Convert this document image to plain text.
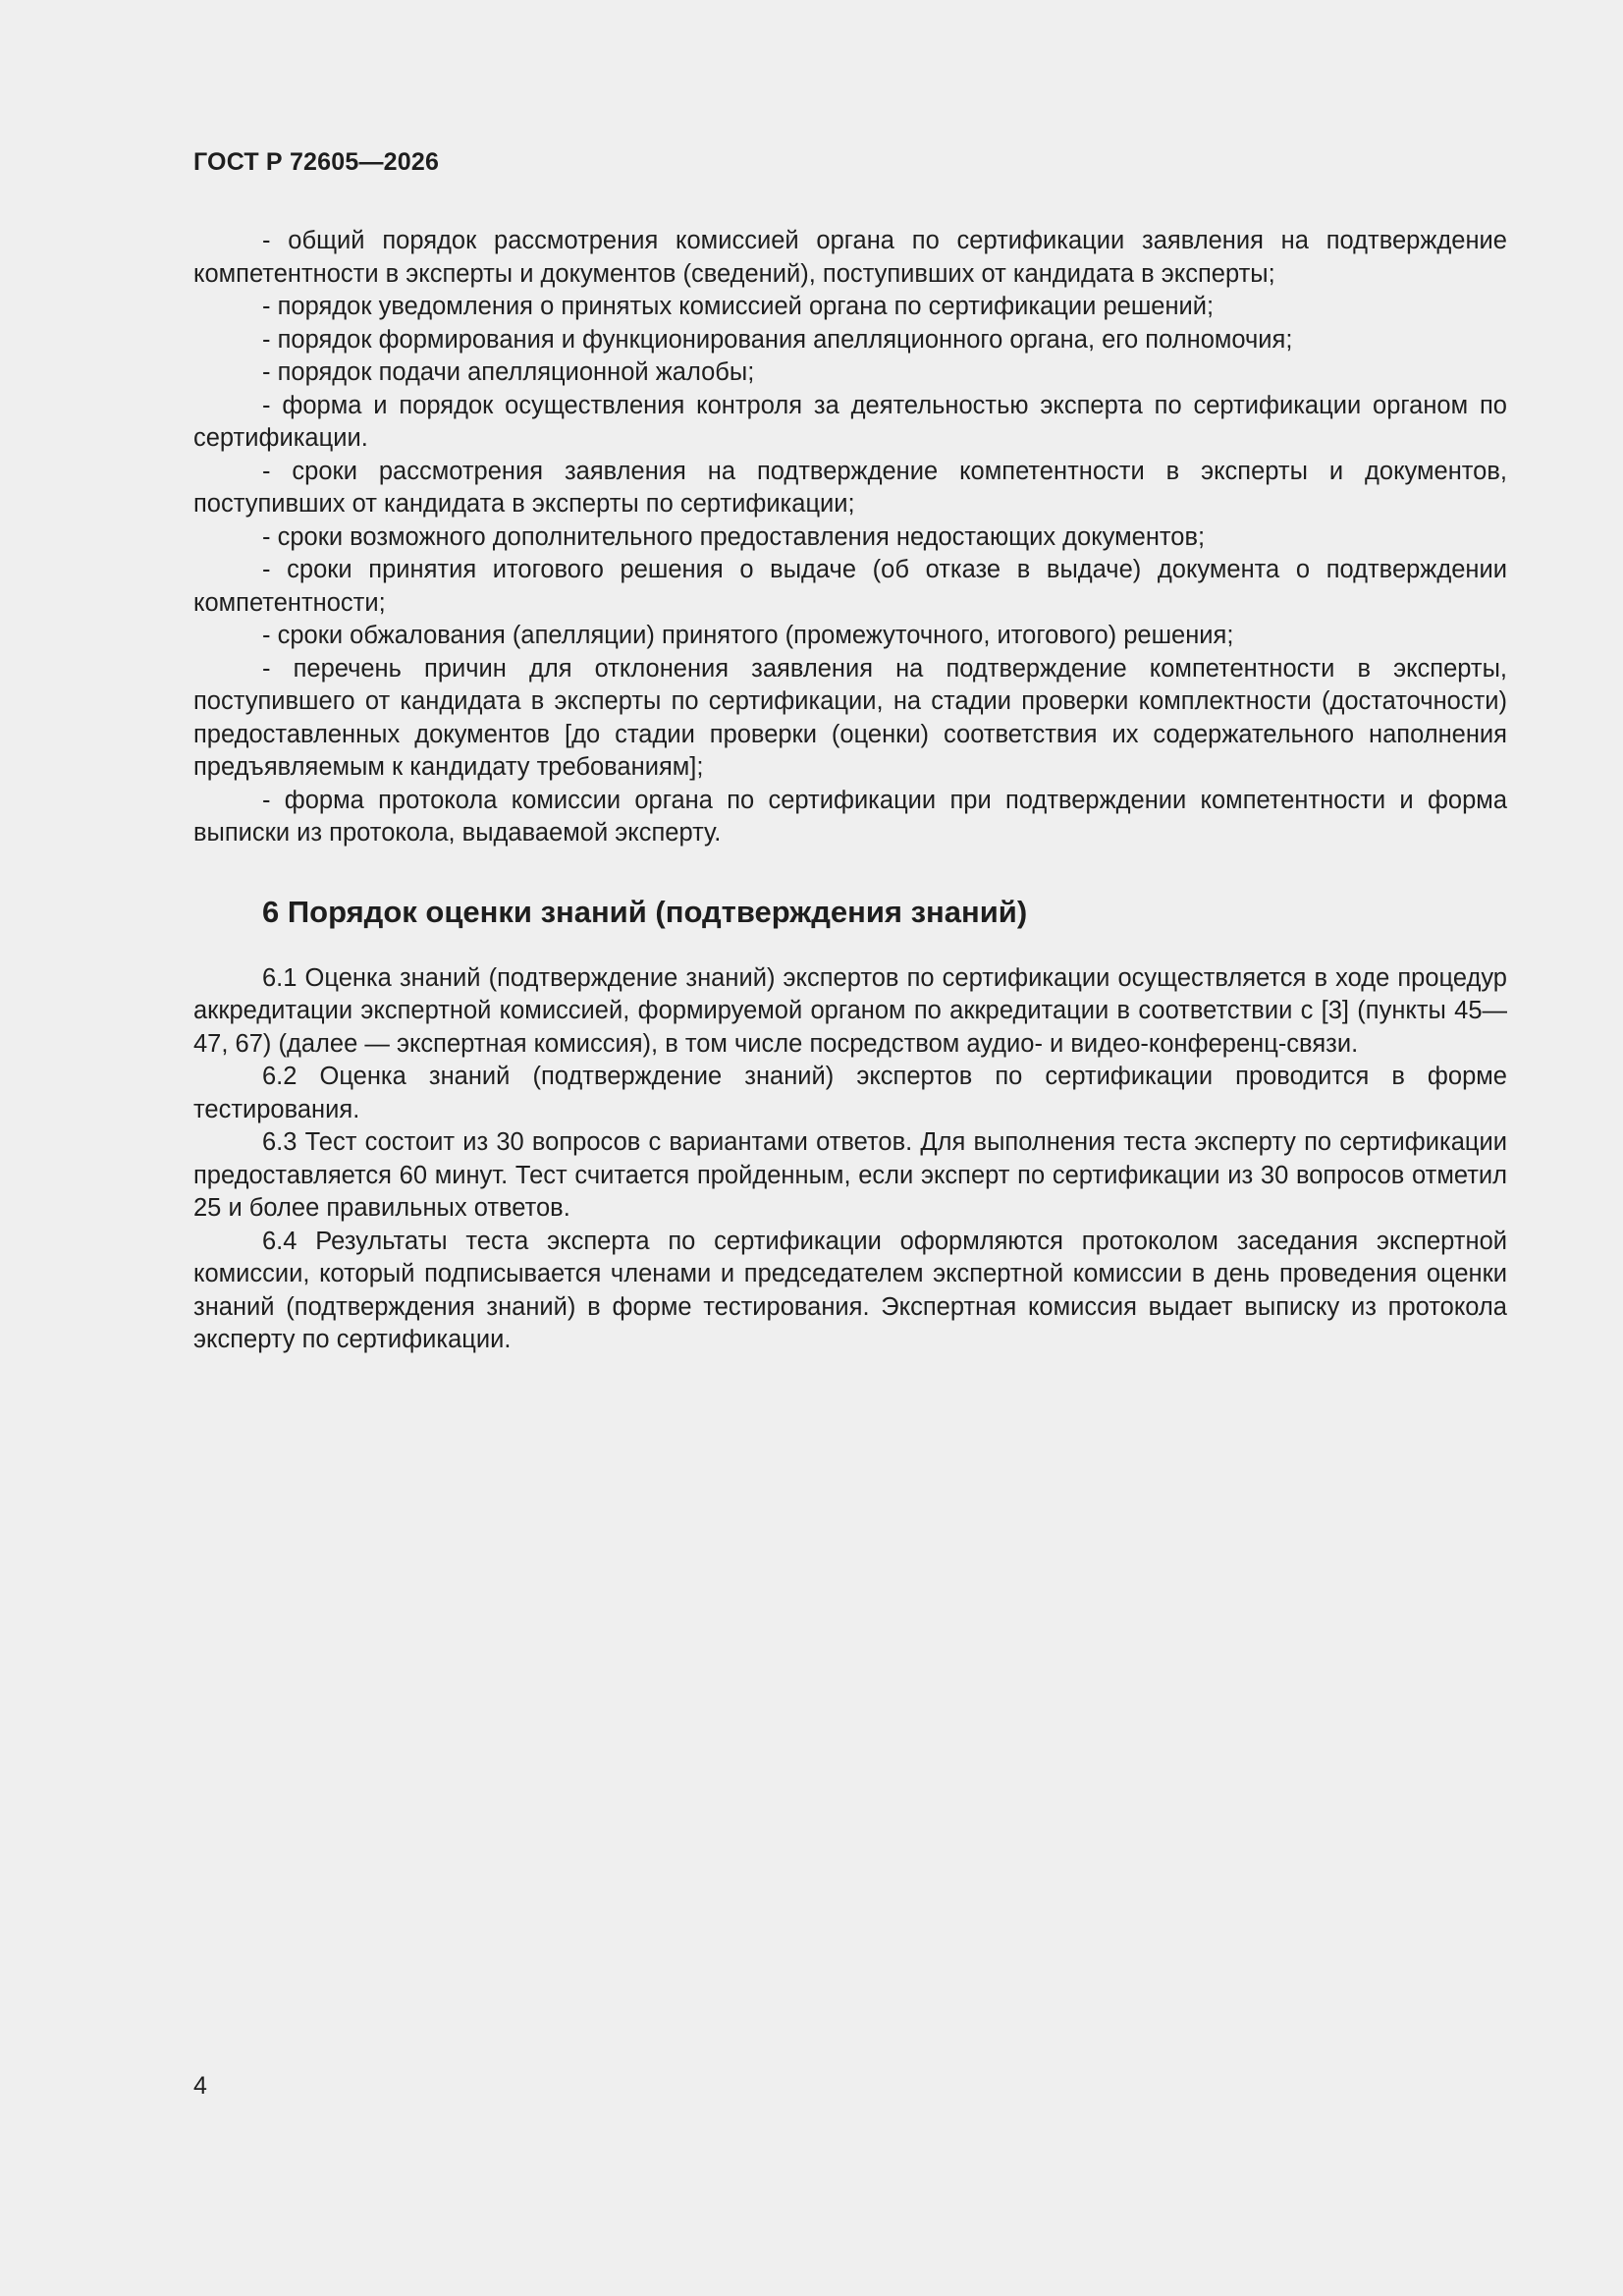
ГОСТ Р 72605—2026

- общий порядок рассмотрения комиссией органа по сертификации заявления на подтверждение компетентности в эксперты и документов (сведений), поступивших от кандидата в эксперты;

- порядок уведомления о принятых комиссией органа по сертификации решений;

- порядок формирования и функционирования апелляционного органа, его полномочия;

- порядок подачи апелляционной жалобы;

- форма и порядок осуществления контроля за деятельностью эксперта по сертификации органом по сертификации.

- сроки рассмотрения заявления на подтверждение компетентности в эксперты и документов, поступивших от кандидата в эксперты по сертификации;

- сроки возможного дополнительного предоставления недостающих документов;

- сроки принятия итогового решения о выдаче (об отказе в выдаче) документа о подтверждении компетентности;

- сроки обжалования (апелляции) принятого (промежуточного, итогового) решения;

- перечень причин для отклонения заявления на подтверждение компетентности в эксперты, поступившего от кандидата в эксперты по сертификации, на стадии проверки комплектности (достаточности) предоставленных документов [до стадии проверки (оценки) соответствия их содержательного наполнения предъявляемым к кандидату требованиям];

- форма протокола комиссии органа по сертификации при подтверждении компетентности и форма выписки из протокола, выдаваемой эксперту.

6 Порядок оценки знаний (подтверждения знаний)

6.1 Оценка знаний (подтверждение знаний) экспертов по сертификации осуществляется в ходе процедур аккредитации экспертной комиссией, формируемой органом по аккредитации в соответствии с [3] (пункты 45—47, 67) (далее — экспертная комиссия), в том числе посредством аудио- и видео-конференц-связи.

6.2 Оценка знаний (подтверждение знаний) экспертов по сертификации проводится в форме тестирования.

6.3 Тест состоит из 30 вопросов с вариантами ответов. Для выполнения теста эксперту по сертификации предоставляется 60 минут. Тест считается пройденным, если эксперт по сертификации из 30 вопросов отметил 25 и более правильных ответов.

6.4 Результаты теста эксперта по сертификации оформляются протоколом заседания экспертной комиссии, который подписывается членами и председателем экспертной комиссии в день проведения оценки знаний (подтверждения знаний) в форме тестирования. Экспертная комиссия выдает выписку из протокола эксперту по сертификации.

4
